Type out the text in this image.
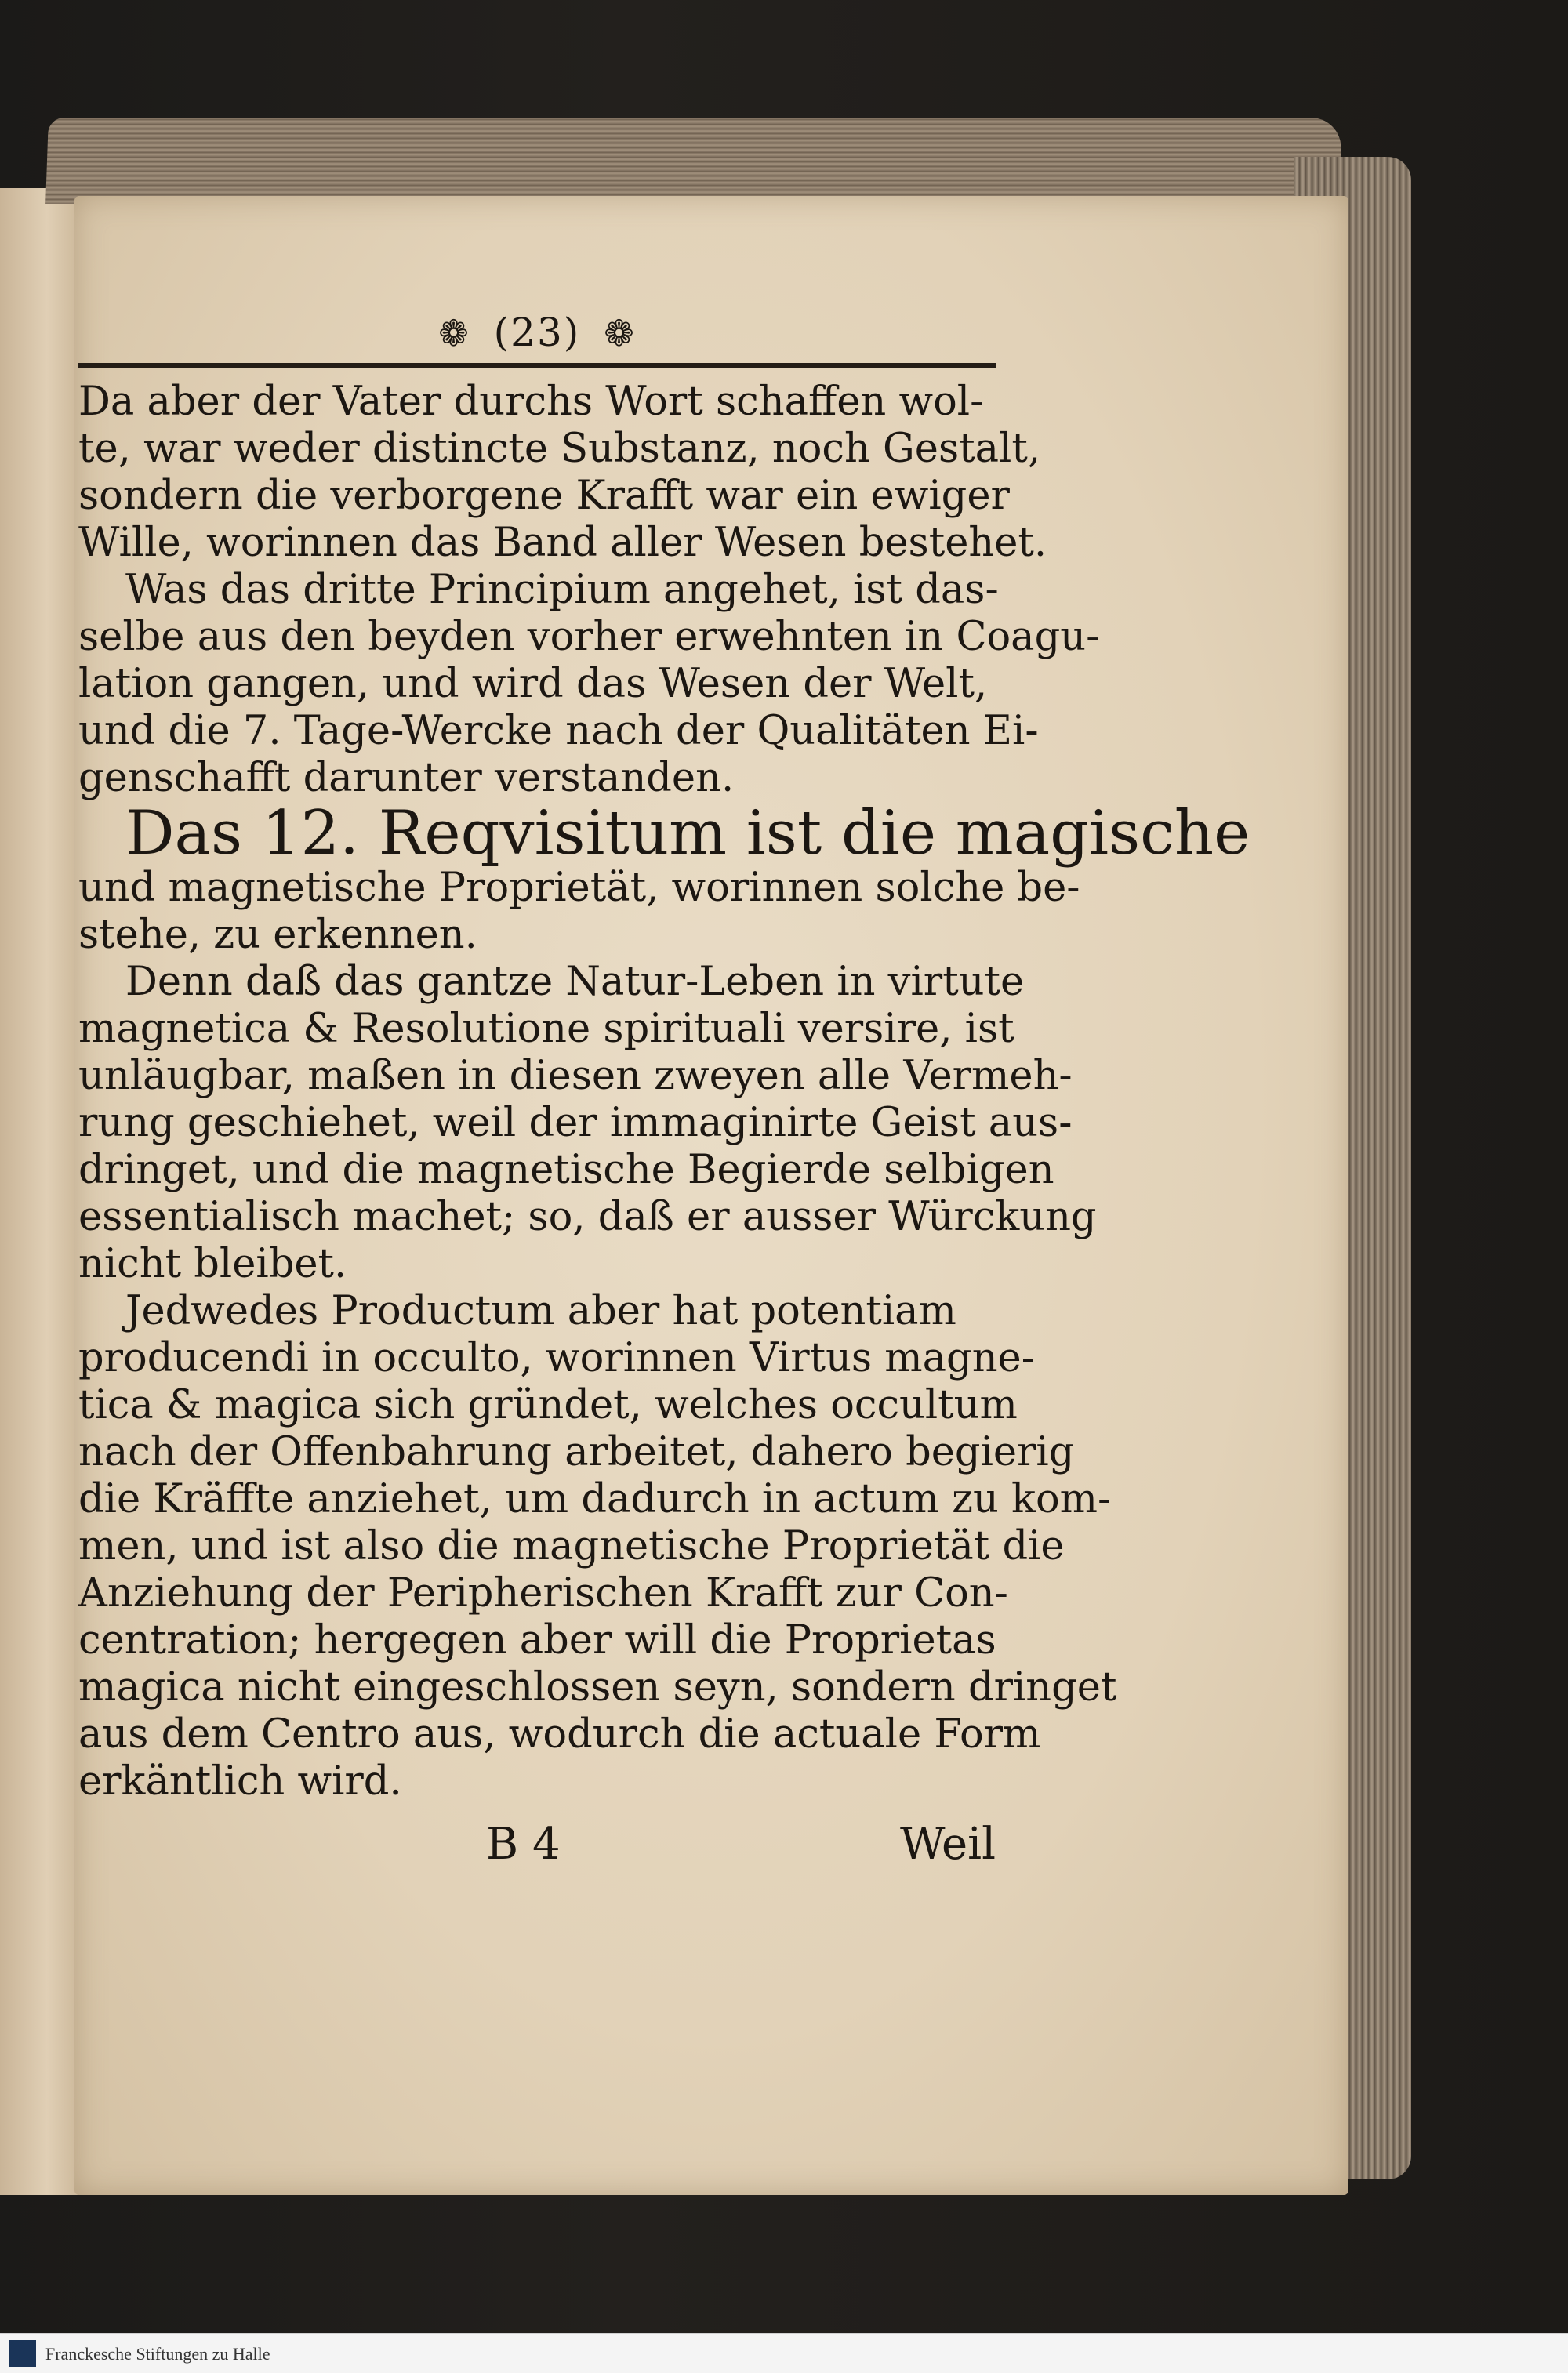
❁ (23) ❁

Da aber der Vater durchs Wort schaffen wol-
te, war weder distincte Substanz, noch Gestalt,
sondern die verborgene Krafft war ein ewiger
Wille, worinnen das Band aller Wesen bestehet.

Was das dritte Principium angehet, ist das-
selbe aus den beyden vorher erwehnten in Coagu-
lation gangen, und wird das Wesen der Welt,
und die 7. Tage-Wercke nach der Qualitäten Ei-
genschafft darunter verstanden.

Das 12. Reqvisitum ist die magische
und magnetische Proprietät, worinnen solche be-
stehe, zu erkennen.

Denn daß das gantze Natur-Leben in virtute
magnetica & Resolutione spirituali versire, ist
unläugbar, maßen in diesen zweyen alle Vermeh-
rung geschiehet, weil der immaginirte Geist aus-
dringet, und die magnetische Begierde selbigen
essentialisch machet; so, daß er ausser Würckung
nicht bleibet.

Jedwedes Productum aber hat potentiam
producendi in occulto, worinnen Virtus magne-
tica & magica sich gründet, welches occultum
nach der Offenbahrung arbeitet, dahero begierig
die Kräffte anziehet, um dadurch in actum zu kom-
men, und ist also die magnetische Proprietät die
Anziehung der Peripherischen Krafft zur Con-
centration; hergegen aber will die Proprietas
magica nicht eingeschlossen seyn, sondern dringet
aus dem Centro aus, wodurch die actuale Form
erkäntlich wird.

B 4	Weil
Franckesche Stiftungen zu Halle
